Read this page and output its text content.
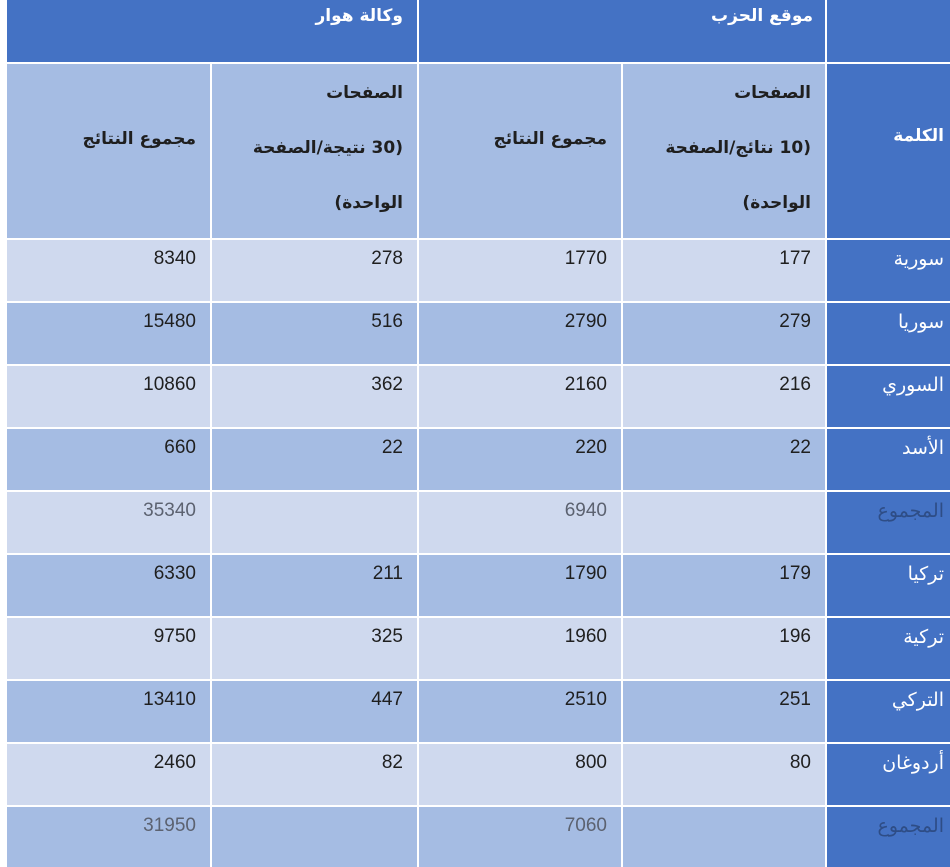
موقع الحزب
وكالة هوار
الكلمة
الصفحات
(10 نتائج/الصفحة
الواحدة)
مجموع النتائج
الصفحات
(30 نتيجة/الصفحة
الواحدة)
مجموع النتائج
سورية
177
1770
278
8340
سوريا
279
2790
516
15480
السوري
216
2160
362
10860
الأسد
22
220
22
660
المجموع
6940
35340
تركيا
179
1790
211
6330
تركية
196
1960
325
9750
التركي
251
2510
447
13410
أردوغان
80
800
82
2460
المجموع
7060
31950
